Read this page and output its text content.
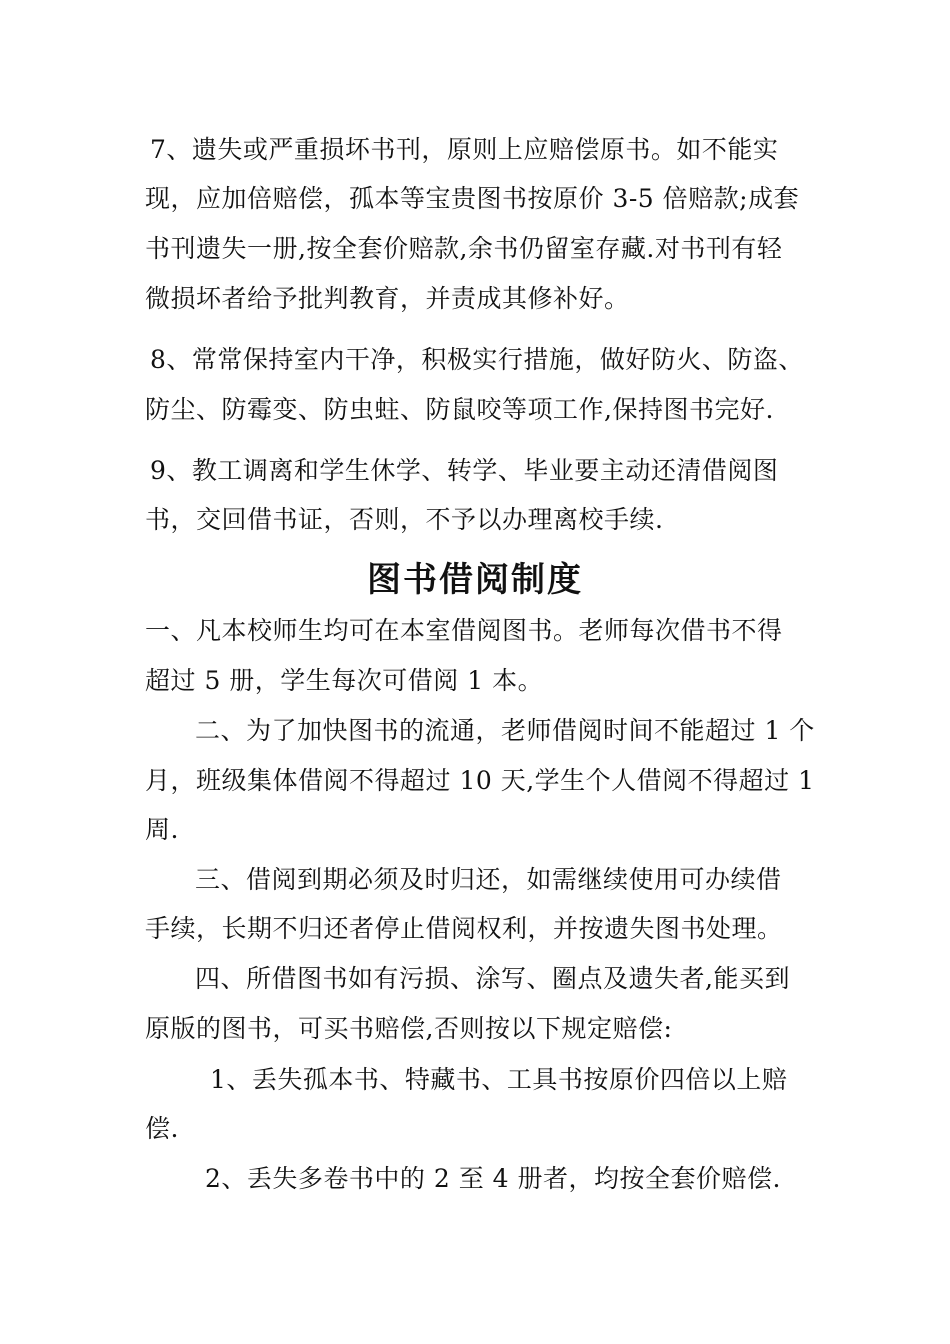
7、遗失或严重损坏书刊，原则上应赔偿原书。如不能实
现，应加倍赔偿，孤本等宝贵图书按原价 3-5 倍赔款;成套
书刊遗失一册,按全套价赔款,余书仍留室存藏.对书刊有轻
微损坏者给予批判教育，并责成其修补好。
8、常常保持室内干净，积极实行措施，做好防火、防盗、
防尘、防霉变、防虫蛀、防鼠咬等项工作,保持图书完好.
9、教工调离和学生休学、转学、毕业要主动还清借阅图
书，交回借书证，否则，不予以办理离校手续.
图书借阅制度
一、凡本校师生均可在本室借阅图书。老师每次借书不得
超过 5 册，学生每次可借阅 1 本。
二、为了加快图书的流通，老师借阅时间不能超过 1 个
月，班级集体借阅不得超过 10 天,学生个人借阅不得超过 1
周.
三、借阅到期必须及时归还，如需继续使用可办续借
手续，长期不归还者停止借阅权利，并按遗失图书处理。
四、所借图书如有污损、涂写、圈点及遗失者,能买到
原版的图书，可买书赔偿,否则按以下规定赔偿:
1、丢失孤本书、特藏书、工具书按原价四倍以上赔
偿.
2、丢失多卷书中的 2 至 4 册者，均按全套价赔偿.
